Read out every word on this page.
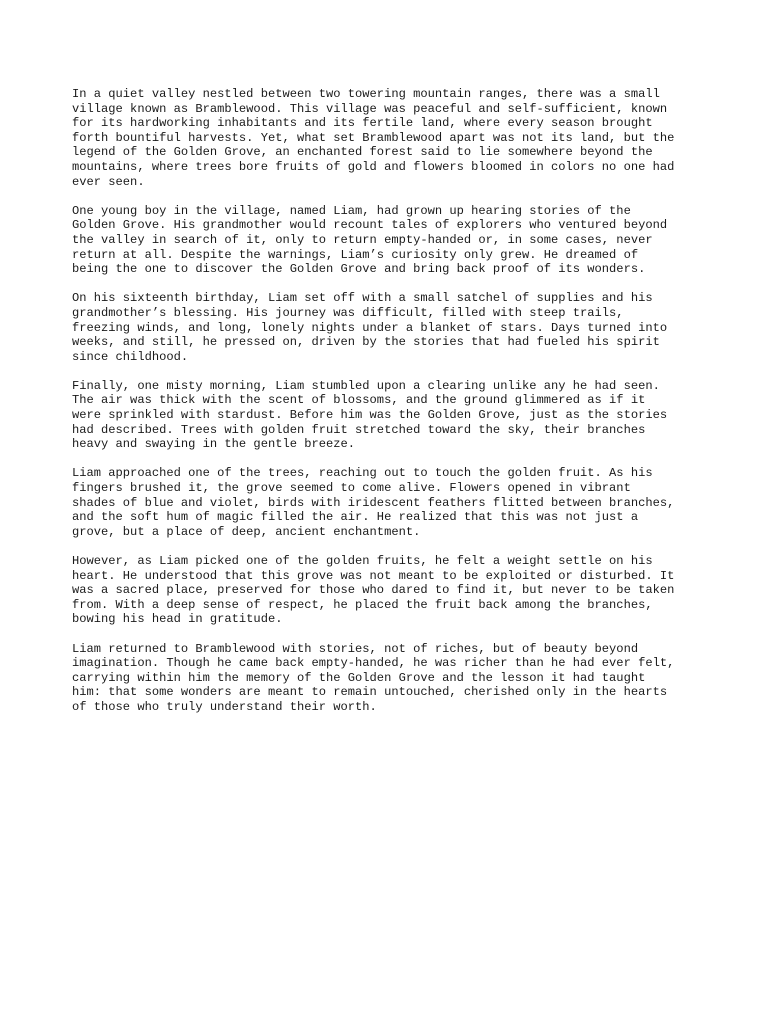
In a quiet valley nestled between two towering mountain ranges, there was a small
village known as Bramblewood. This village was peaceful and self-sufficient, known
for its hardworking inhabitants and its fertile land, where every season brought
forth bountiful harvests. Yet, what set Bramblewood apart was not its land, but the
legend of the Golden Grove, an enchanted forest said to lie somewhere beyond the
mountains, where trees bore fruits of gold and flowers bloomed in colors no one had
ever seen.

One young boy in the village, named Liam, had grown up hearing stories of the
Golden Grove. His grandmother would recount tales of explorers who ventured beyond
the valley in search of it, only to return empty-handed or, in some cases, never
return at all. Despite the warnings, Liam’s curiosity only grew. He dreamed of
being the one to discover the Golden Grove and bring back proof of its wonders.

On his sixteenth birthday, Liam set off with a small satchel of supplies and his
grandmother’s blessing. His journey was difficult, filled with steep trails,
freezing winds, and long, lonely nights under a blanket of stars. Days turned into
weeks, and still, he pressed on, driven by the stories that had fueled his spirit
since childhood.

Finally, one misty morning, Liam stumbled upon a clearing unlike any he had seen.
The air was thick with the scent of blossoms, and the ground glimmered as if it
were sprinkled with stardust. Before him was the Golden Grove, just as the stories
had described. Trees with golden fruit stretched toward the sky, their branches
heavy and swaying in the gentle breeze.

Liam approached one of the trees, reaching out to touch the golden fruit. As his
fingers brushed it, the grove seemed to come alive. Flowers opened in vibrant
shades of blue and violet, birds with iridescent feathers flitted between branches,
and the soft hum of magic filled the air. He realized that this was not just a
grove, but a place of deep, ancient enchantment.

However, as Liam picked one of the golden fruits, he felt a weight settle on his
heart. He understood that this grove was not meant to be exploited or disturbed. It
was a sacred place, preserved for those who dared to find it, but never to be taken
from. With a deep sense of respect, he placed the fruit back among the branches,
bowing his head in gratitude.

Liam returned to Bramblewood with stories, not of riches, but of beauty beyond
imagination. Though he came back empty-handed, he was richer than he had ever felt,
carrying within him the memory of the Golden Grove and the lesson it had taught
him: that some wonders are meant to remain untouched, cherished only in the hearts
of those who truly understand their worth.
